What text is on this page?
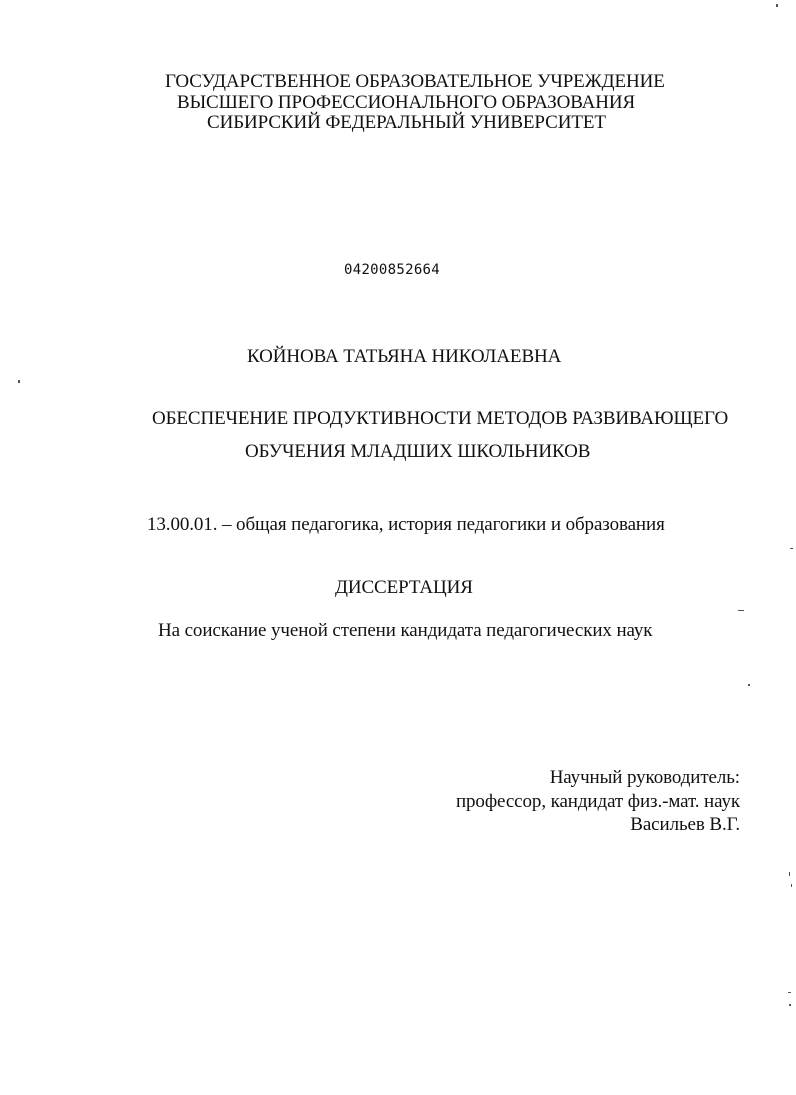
ГОСУДАРСТВЕННОЕ ОБРАЗОВАТЕЛЬНОЕ УЧРЕЖДЕНИЕ
ВЫСШЕГО ПРОФЕССИОНАЛЬНОГО ОБРАЗОВАНИЯ
СИБИРСКИЙ ФЕДЕРАЛЬНЫЙ УНИВЕРСИТЕТ
04200852664
КОЙНОВА ТАТЬЯНА НИКОЛАЕВНА
ОБЕСПЕЧЕНИЕ ПРОДУКТИВНОСТИ МЕТОДОВ РАЗВИВАЮЩЕГО
ОБУЧЕНИЯ МЛАДШИХ ШКОЛЬНИКОВ
13.00.01. – общая педагогика, история педагогики и образования
ДИССЕРТАЦИЯ
На соискание ученой степени кандидата педагогических наук
Научный руководитель:
профессор, кандидат физ.-мат. наук
Васильев В.Г.
